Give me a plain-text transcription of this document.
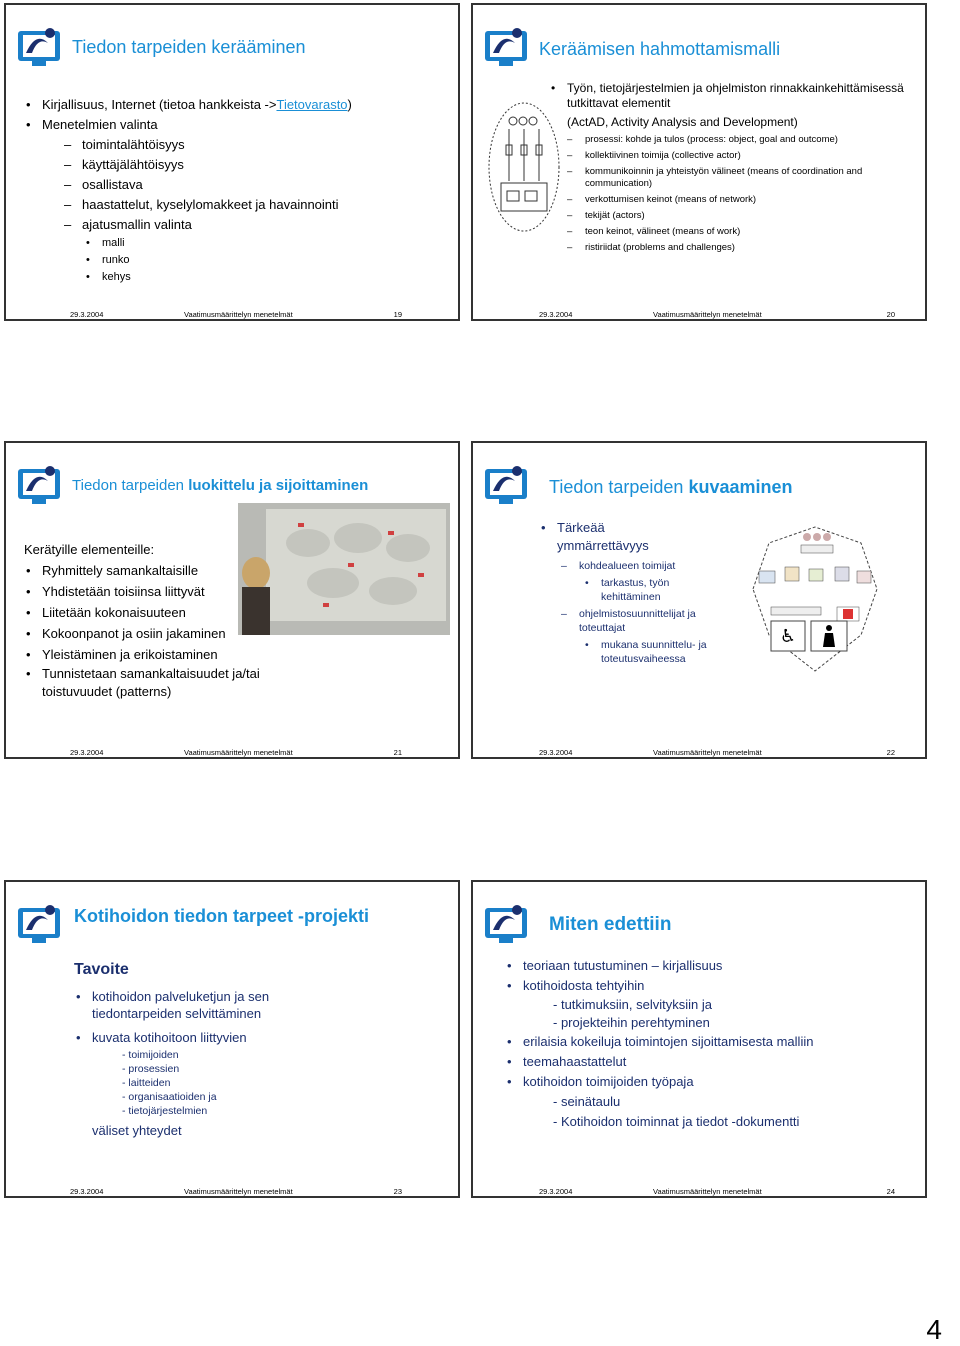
Tiedon tarpeiden kerääminen
• Kirjallisuus, Internet (tietoa hankkeista ->Tietovarasto)
• Menetelmien valinta
– toimintalähtöisyys
– käyttäjälähtöisyys
– osallistava
– haastattelut, kyselylomakkeet ja havainnointi
– ajatusmallin valinta
• malli
• runko
• kehys
29.3.2004	Vaatimusmäärittelyn menetelmät	19
Keräämisen hahmottamismalli
• Työn, tietojärjestelmien ja ohjelmiston rinnakkainkehittämisessä tutkittavat elementit
(ActAD, Activity Analysis and Development)
– prosessi: kohde ja tulos (process: object, goal and outcome)
– kollektiivinen toimija (collective actor)
– kommunikoinnin ja yhteistyön välineet (means of coordination and communication)
– verkottumisen keinot (means of network)
– tekijät (actors)
– teon keinot, välineet (means of work)
– ristiriidat (problems and challenges)
29.3.2004	Vaatimusmäärittelyn menetelmät	20
Tiedon tarpeiden luokittelu ja sijoittaminen
Kerätyille elementeille:
• Ryhmittely samankaltaisille
• Yhdistetään toisiinsa liittyvät
• Liitetään kokonaisuuteen
• Kokoonpanot ja osiin jakaminen
• Yleistäminen ja erikoistaminen
• Tunnistetaan samankaltaisuudet ja/tai toistuvuudet (patterns)
29.3.2004	Vaatimusmäärittelyn menetelmät	21
Tiedon tarpeiden kuvaaminen
• Tärkeää ymmärrettävyys
– kohdealueen toimijat
• tarkastus, työn kehittäminen
– ohjelmistosuunnittelijat ja toteuttajat
• mukana suunnittelu- ja toteutusvaiheessa
♿
29.3.2004	Vaatimusmäärittelyn menetelmät	22
Kotihoidon tiedon tarpeet -projekti
Tavoite
• kotihoidon palveluketjun ja sen tiedontarpeiden selvittäminen
• kuvata kotihoitoon liittyvien
- toimijoiden
- prosessien
- laitteiden
- organisaatioiden ja
- tietojärjestelmien
väliset yhteydet
29.3.2004	Vaatimusmäärittelyn menetelmät	23
Miten edettiin
• teoriaan tutustuminen – kirjallisuus
• kotihoidosta tehtyihin
- tutkimuksiin, selvityksiin ja
- projekteihin perehtyminen
• erilaisia kokeiluja toimintojen sijoittamisesta malliin
• teemahaastattelut
• kotihoidon toimijoiden työpaja
- seinätaulu
- Kotihoidon toiminnat ja tiedot -dokumentti
29.3.2004	Vaatimusmäärittelyn menetelmät	24
4
